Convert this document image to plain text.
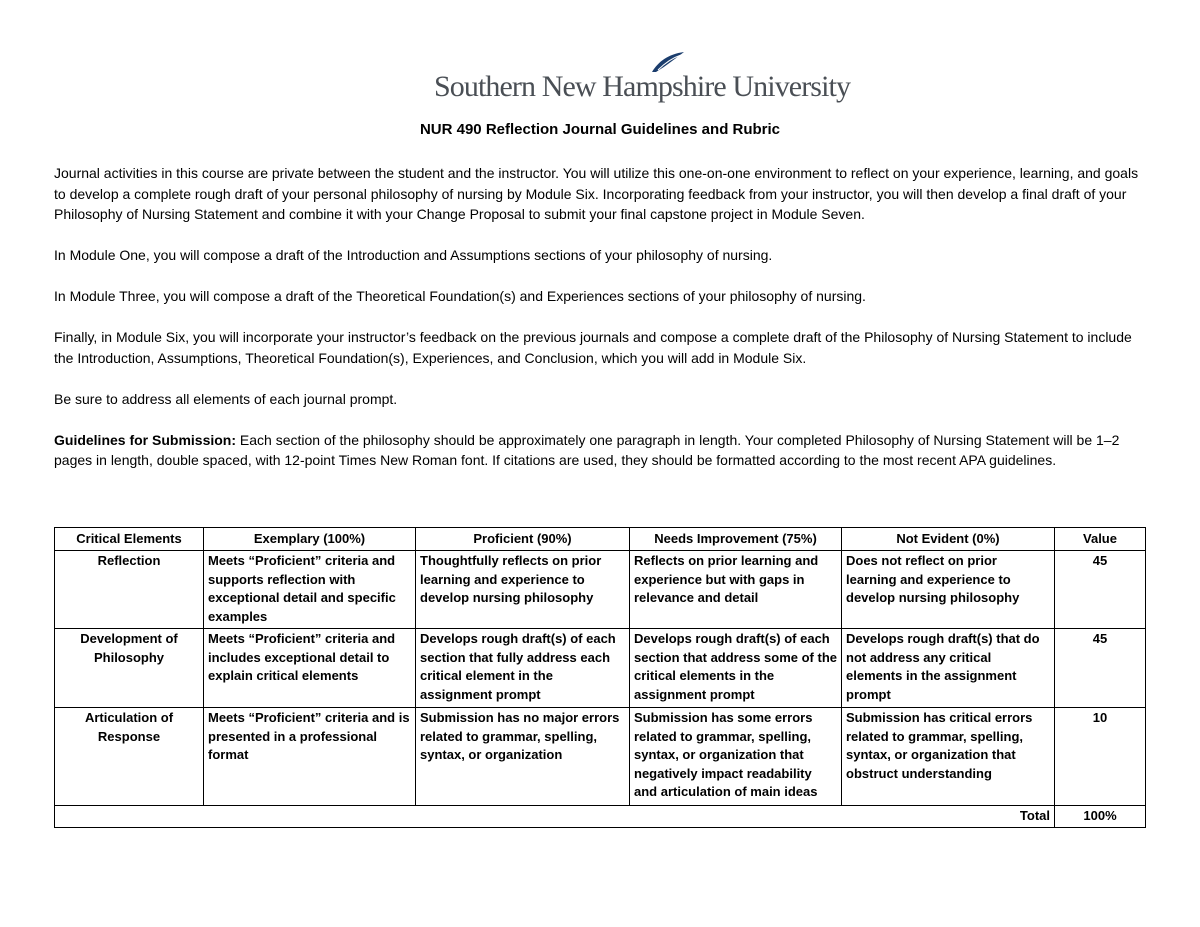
Southern New Hampshire University
NUR 490 Reflection Journal Guidelines and Rubric

Journal activities in this course are private between the student and the instructor. You will utilize this one-on-one environment to reflect on your experience, learning, and goals to develop a complete rough draft of your personal philosophy of nursing by Module Six. Incorporating feedback from your instructor, you will then develop a final draft of your Philosophy of Nursing Statement and combine it with your Change Proposal to submit your final capstone project in Module Seven.

In Module One, you will compose a draft of the Introduction and Assumptions sections of your philosophy of nursing.

In Module Three, you will compose a draft of the Theoretical Foundation(s) and Experiences sections of your philosophy of nursing.

Finally, in Module Six, you will incorporate your instructor’s feedback on the previous journals and compose a complete draft of the Philosophy of Nursing Statement to include the Introduction, Assumptions, Theoretical Foundation(s), Experiences, and Conclusion, which you will add in Module Six.

Be sure to address all elements of each journal prompt.

Guidelines for Submission: Each section of the philosophy should be approximately one paragraph in length. Your completed Philosophy of Nursing Statement will be 1–2 pages in length, double spaced, with 12-point Times New Roman font. If citations are used, they should be formatted according to the most recent APA guidelines.

Critical Elements	Exemplary (100%)	Proficient (90%)	Needs Improvement (75%)	Not Evident (0%)	Value
Reflection	Meets “Proficient” criteria and supports reflection with exceptional detail and specific examples	Thoughtfully reflects on prior learning and experience to develop nursing philosophy	Reflects on prior learning and experience but with gaps in relevance and detail	Does not reflect on prior learning and experience to develop nursing philosophy	45
Development of Philosophy	Meets “Proficient” criteria and includes exceptional detail to explain critical elements	Develops rough draft(s) of each section that fully address each critical element in the assignment prompt	Develops rough draft(s) of each section that address some of the critical elements in the assignment prompt	Develops rough draft(s) that do not address any critical elements in the assignment prompt	45
Articulation of Response	Meets “Proficient” criteria and is presented in a professional format	Submission has no major errors related to grammar, spelling, syntax, or organization	Submission has some errors related to grammar, spelling, syntax, or organization that negatively impact readability and articulation of main ideas	Submission has critical errors related to grammar, spelling, syntax, or organization that obstruct understanding	10
				Total	100%
